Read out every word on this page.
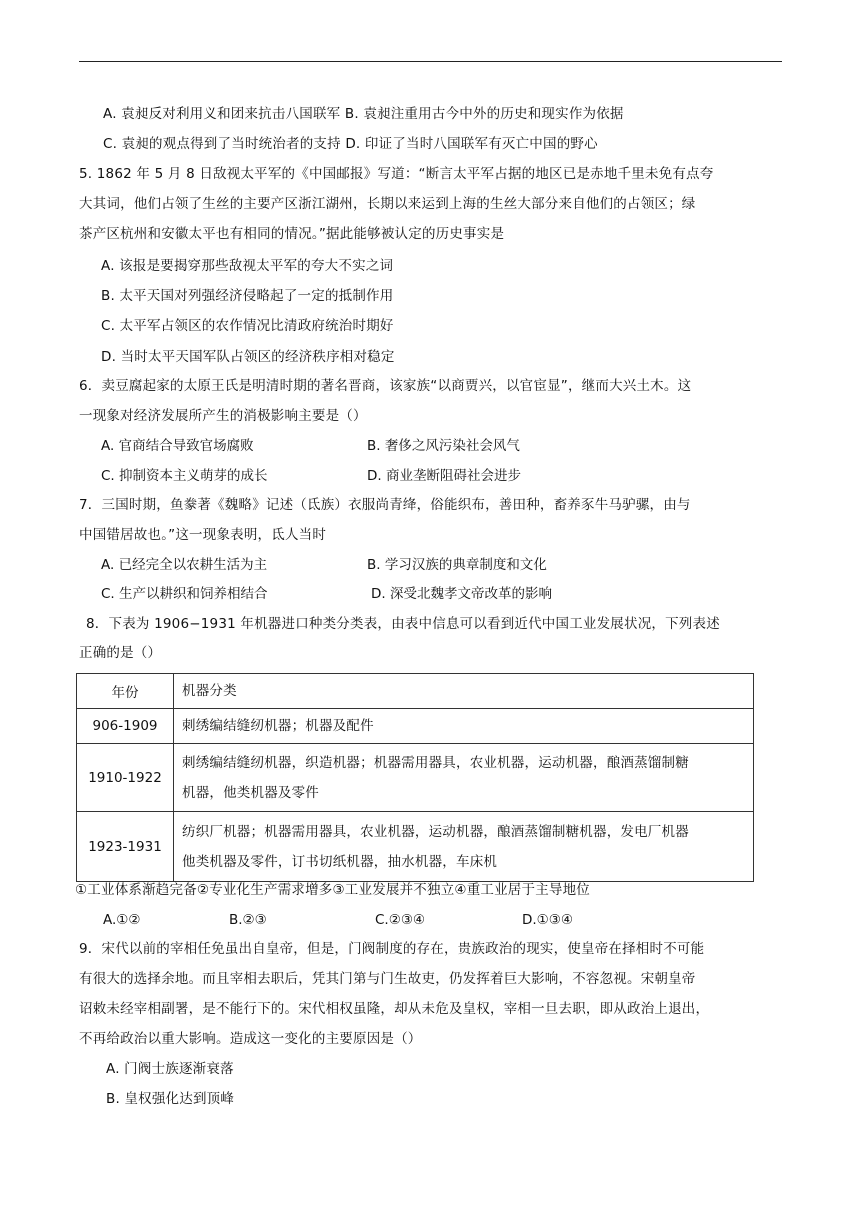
A. 袁昶反对利用义和团来抗击八国联军 B. 袁昶注重用古今中外的历史和现实作为依据
C. 袁昶的观点得到了当时统治者的支持 D. 印证了当时八国联军有灭亡中国的野心
5. 1862 年 5 月 8 日敌视太平军的《中国邮报》写道：“断言太平军占据的地区已是赤地千里未免有点夸
大其词，他们占领了生丝的主要产区浙江湖州，长期以来运到上海的生丝大部分来自他们的占领区；绿
茶产区杭州和安徽太平也有相同的情况。”据此能够被认定的历史事实是
A. 该报是要揭穿那些敌视太平军的夸大不实之词
B. 太平天国对列强经济侵略起了一定的抵制作用
C. 太平军占领区的农作情况比清政府统治时期好
D. 当时太平天国军队占领区的经济秩序相对稳定
6．卖豆腐起家的太原王氏是明清时期的著名晋商，该家族“以商贾兴，以官宦显”，继而大兴土木。这
一现象对经济发展所产生的消极影响主要是（）
A. 官商结合导致官场腐败	B. 奢侈之风污染社会风气
C. 抑制资本主义萌芽的成长	D. 商业垄断阻碍社会进步
7．三国时期，鱼豢著《魏略》记述（氐族）衣服尚青绛，俗能织布，善田种，畜养豕牛马驴骡，由与
中国错居故也。”这一现象表明，氐人当时
A. 已经完全以农耕生活为主	B. 学习汉族的典章制度和文化
C. 生产以耕织和饲养相结合	D. 深受北魏孝文帝改革的影响
8．下表为 1906−1931 年机器进口种类分类表，由表中信息可以看到近代中国工业发展状况，下列表述
正确的是（）
年份	机器分类
906-1909	刺绣编结缝纫机器；机器及配件

1910-1922	刺绣编结缝纫机器，织造机器；机器需用器具，农业机器，运动机器，酿酒蒸馏制糖
机器，他类机器及零件

1923-1931	纺织厂机器；机器需用器具，农业机器，运动机器，酿酒蒸馏制糖机器，发电厂机器
他类机器及零件，订书切纸机器，抽水机器，车床机
①工业体系渐趋完备②专业化生产需求增多③工业发展并不独立④重工业居于主导地位
A.①②	B.②③	C.②③④	D.①③④
9．宋代以前的宰相任免虽出自皇帝，但是，门阀制度的存在，贵族政治的现实，使皇帝在择相时不可能
有很大的选择余地。而且宰相去职后，凭其门第与门生故吏，仍发挥着巨大影响，不容忽视。宋朝皇帝
诏敕未经宰相副署，是不能行下的。宋代相权虽隆，却从未危及皇权，宰相一旦去职，即从政治上退出，
不再给政治以重大影响。造成这一变化的主要原因是（）
A. 门阀士族逐渐衰落
B. 皇权强化达到顶峰
